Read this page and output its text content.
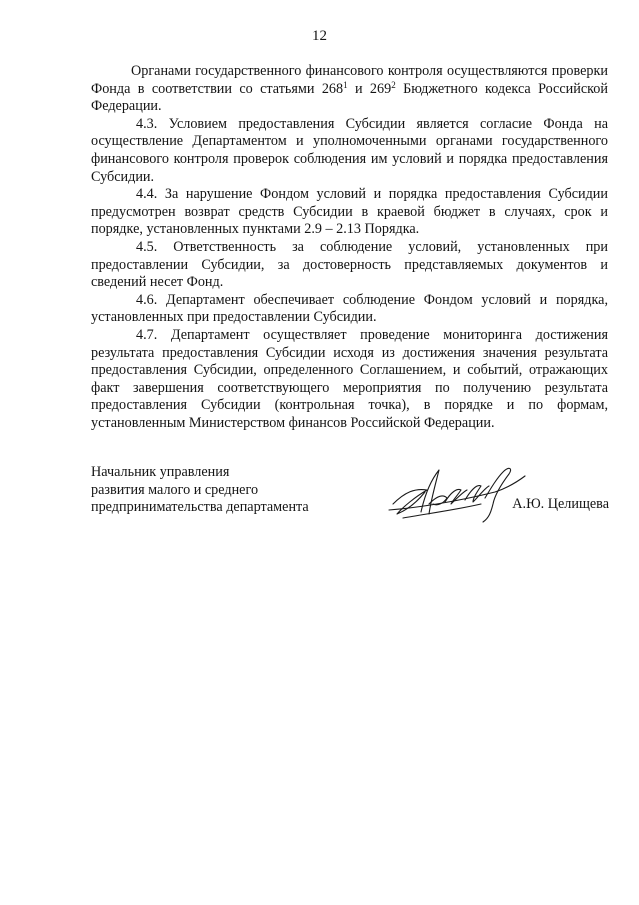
12

Органами государственного финансового контроля осуществляются проверки Фонда в соответствии со статьями $268^1$ и $269^2$ Бюджетного кодекса Российской Федерации.

4.3. Условием предоставления Субсидии является согласие Фонда на осуществление Департаментом и уполномоченными органами государственного финансового контроля проверок соблюдения им условий и порядка предоставления Субсидии.

4.4. За нарушение Фондом условий и порядка предоставления Субсидии предусмотрен возврат средств Субсидии в краевой бюджет в случаях, срок и порядке, установленных пунктами 2.9 – 2.13 Порядка.

4.5. Ответственность за соблюдение условий, установленных при предоставлении Субсидии, за достоверность представляемых документов и сведений несет Фонд.

4.6. Департамент обеспечивает соблюдение Фондом условий и порядка, установленных при предоставлении Субсидии.

4.7. Департамент осуществляет проведение мониторинга достижения результата предоставления Субсидии исходя из достижения значения результата предоставления Субсидии, определенного Соглашением, и событий, отражающих факт завершения соответствующего мероприятия по получению результата предоставления Субсидии (контрольная точка), в порядке и по формам, установленным Министерством финансов Российской Федерации.

Начальник управления
развития малого и среднего
предпринимательства департамента	А.Ю. Целищева
